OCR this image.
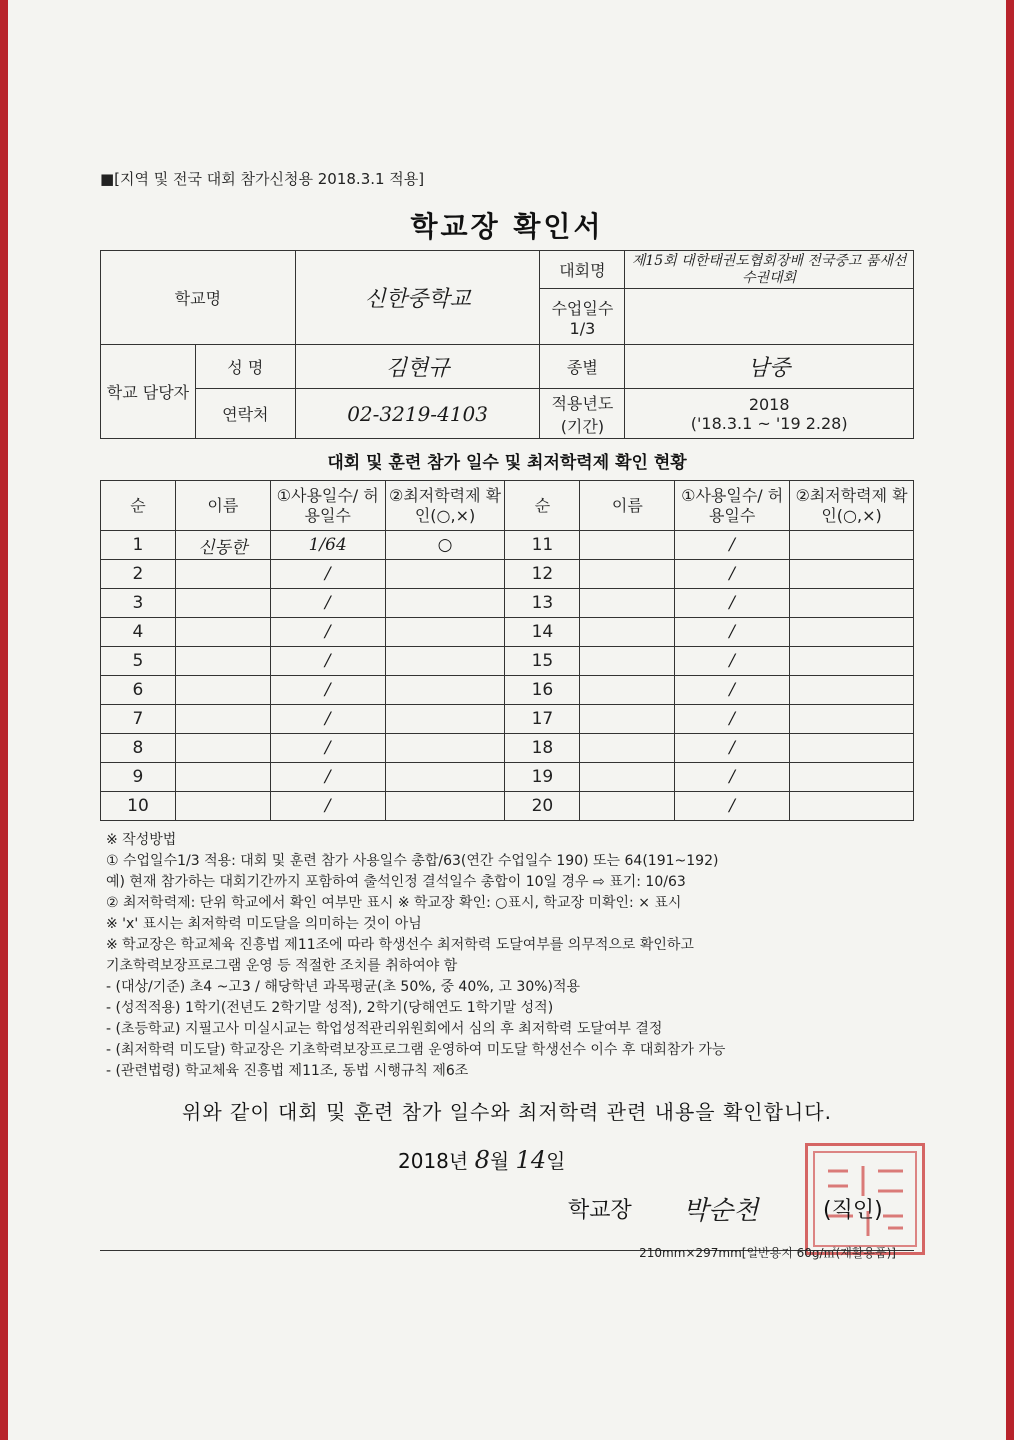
■[지역 및 전국 대회 참가신청용 2018.3.1 적용]
학교장 확인서
학교명		신한중학교	대회명	제15회 대한태권도협회장배 전국중고 품새선수권대회
			수업일수 1/3	
학교 담당자	성 명	김현규	종별	남중
	연락처	02-3219-4103	적용년도 (기간)	2018
('18.3.1 ~ '19 2.28)
대회 및 훈련 참가 일수 및 최저학력제 확인 현황
순	이름	①사용일수/ 허용일수	②최저학력제 확인(○,×)	순	이름	①사용일수/ 허용일수	②최저학력제 확인(○,×)
1	신동한	1/64	○	11		/	
2		/		12		/	
3		/		13		/	
4		/		14		/	
5		/		15		/	
6		/		16		/	
7		/		17		/	
8		/		18		/	
9		/		19		/	
10		/		20		/	
※ 작성방법
① 수업일수1/3 적용: 대회 및 훈련 참가 사용일수 총합/63(연간 수업일수 190) 또는 64(191~192)
예) 현재 참가하는 대회기간까지 포함하여 출석인정 결석일수 총합이 10일 경우 ⇨ 표기: 10/63
② 최저학력제: 단위 학교에서 확인 여부만 표시 ※ 학교장 확인: ○표시, 학교장 미확인: × 표시
※ 'x' 표시는 최저학력 미도달을 의미하는 것이 아님
※ 학교장은 학교체육 진흥법 제11조에 따라 학생선수 최저학력 도달여부를 의무적으로 확인하고
기초학력보장프로그램 운영 등 적절한 조치를 취하여야 함
- (대상/기준) 초4 ~고3 / 해당학년 과목평균(초 50%, 중 40%, 고 30%)적용
- (성적적용) 1학기(전년도 2학기말 성적), 2학기(당해연도 1학기말 성적)
- (초등학교) 지필고사 미실시교는 학업성적관리위원회에서 심의 후 최저학력 도달여부 결정
- (최저학력 미도달) 학교장은 기초학력보장프로그램 운영하여 미도달 학생선수 이수 후 대회참가 가능
- (관련법령) 학교체육 진흥법 제11조, 동법 시행규칙 제6조
위와 같이 대회 및 훈련 참가 일수와 최저학력 관련 내용을 확인합니다.
2018년 8월 14일
학교장 박순천	(직인)
210mm×297mm[일반용지 60g/㎡(재활용품)]
